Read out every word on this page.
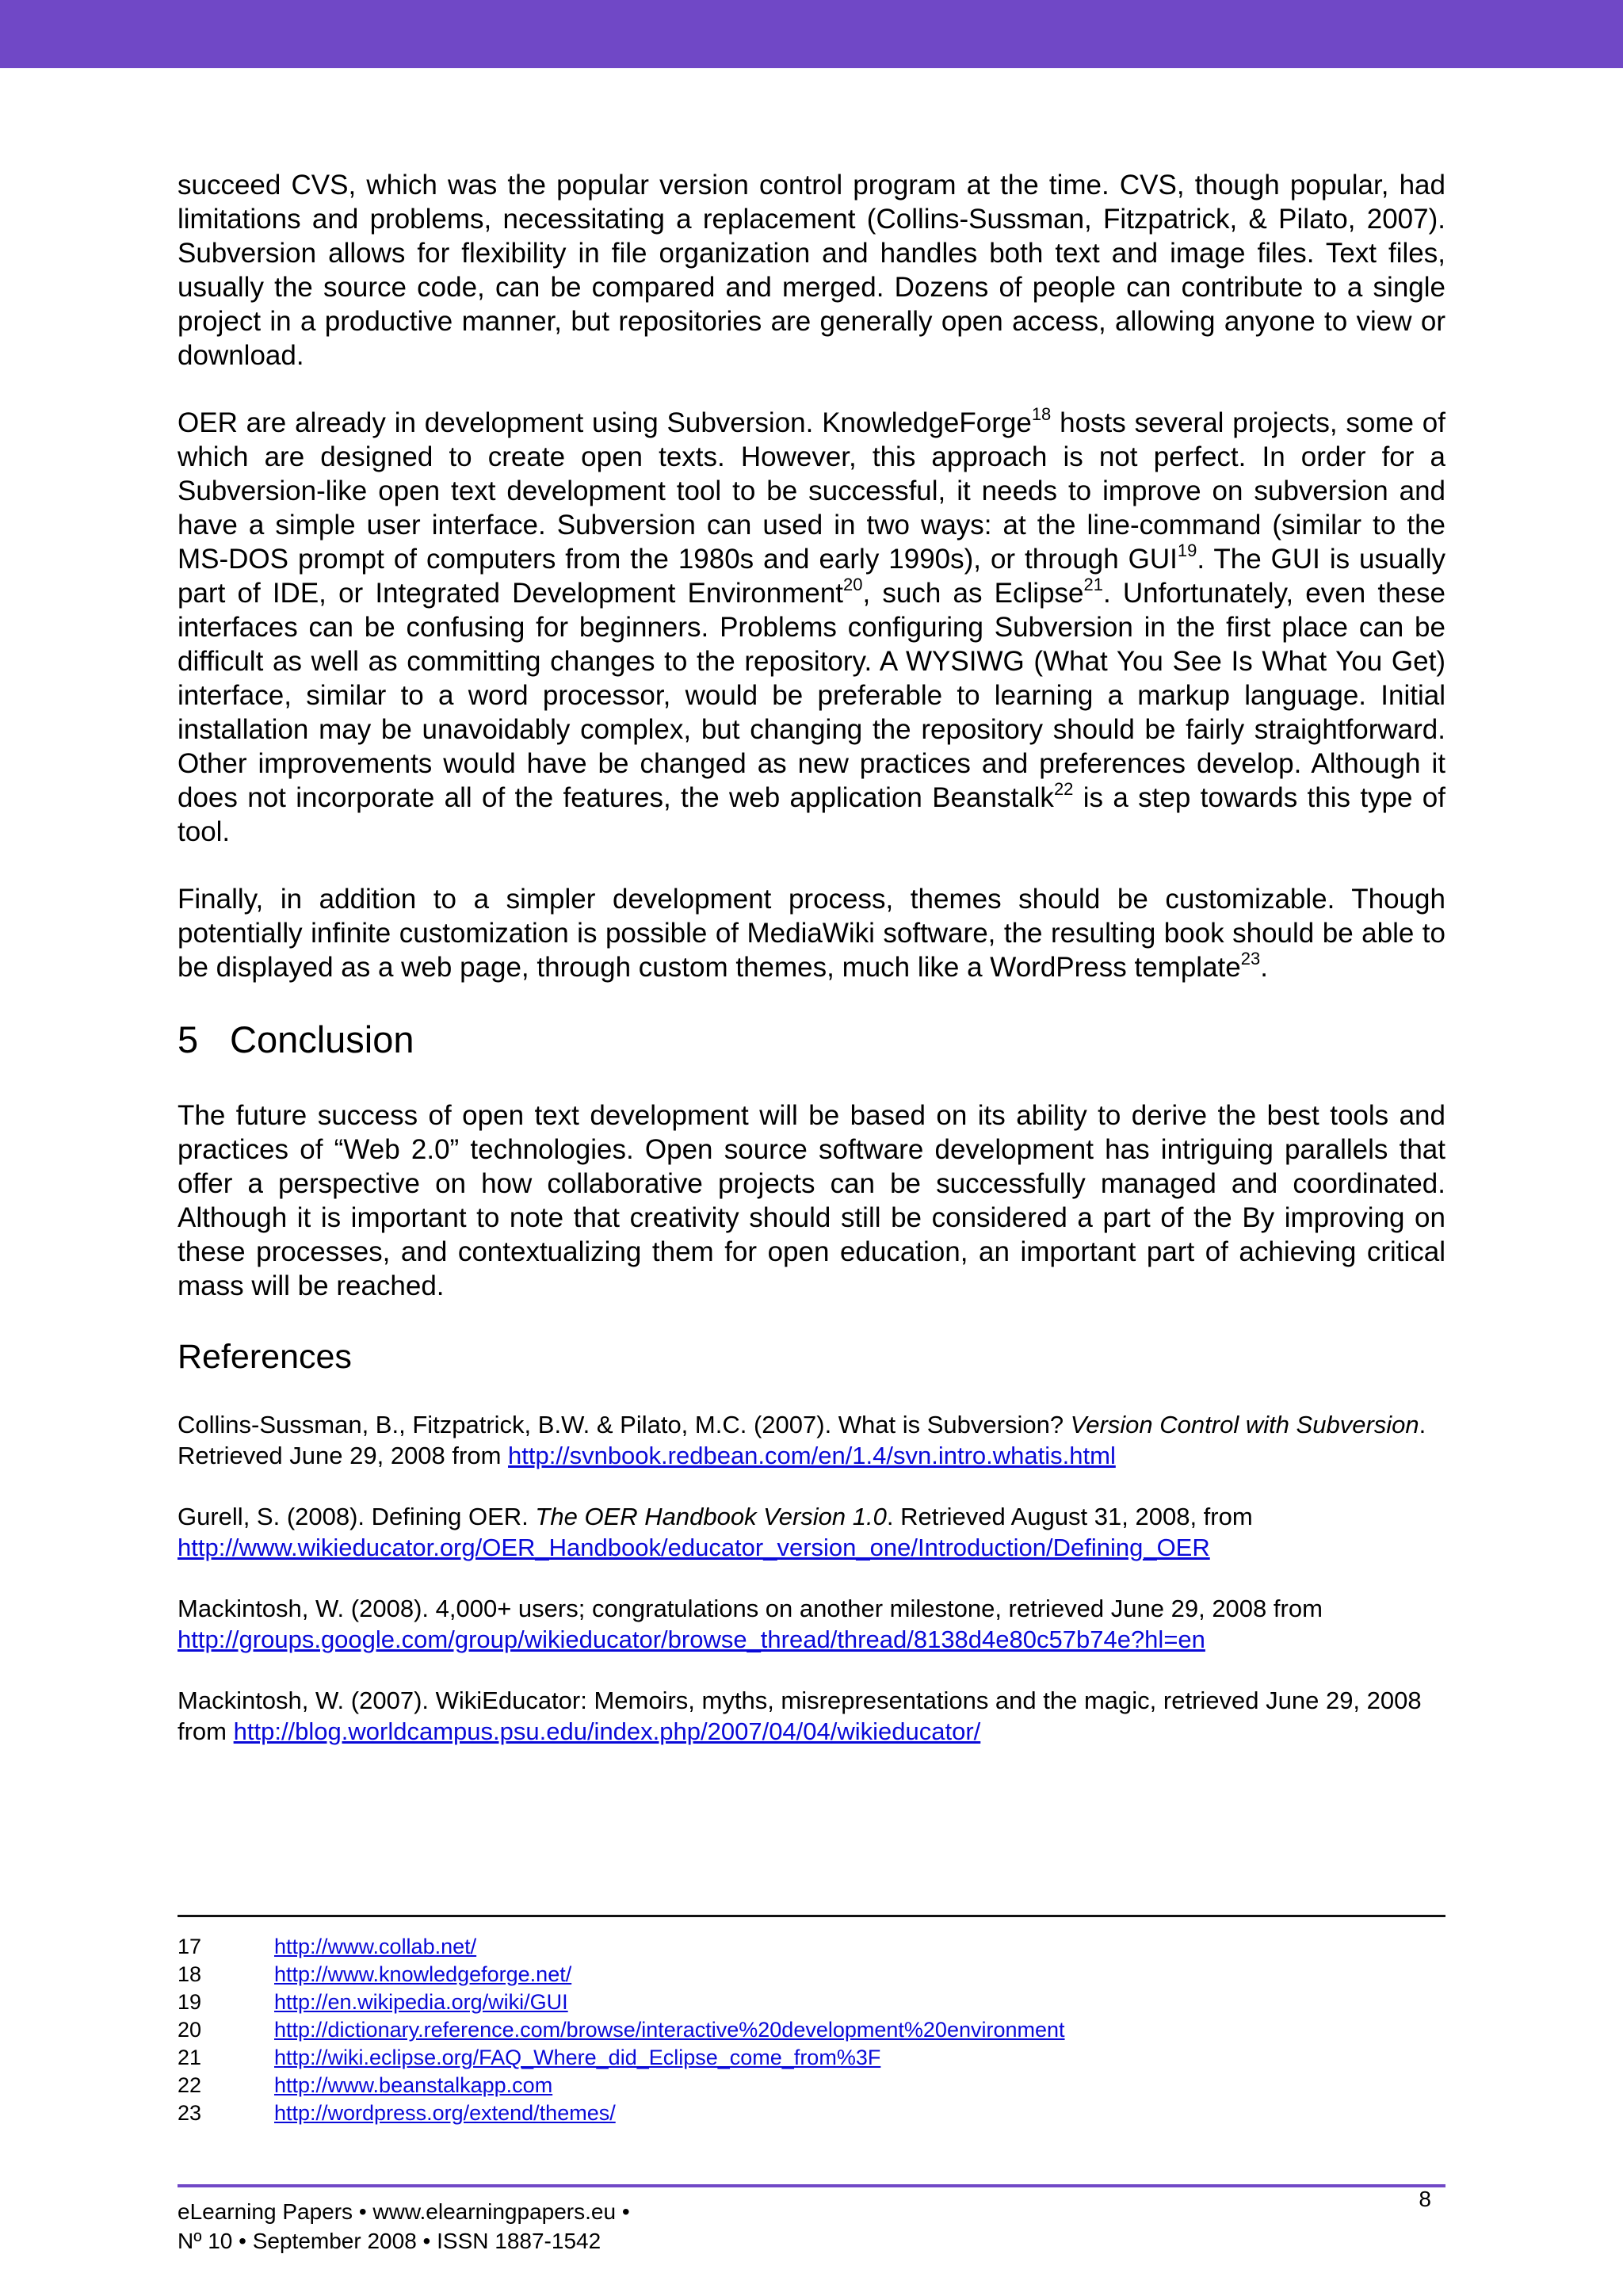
succeed CVS, which was the popular version control program at the time. CVS, though popular, had limitations and problems, necessitating a replacement (Collins-Sussman, Fitzpatrick, & Pilato, 2007). Subversion allows for flexibility in file organization and handles both text and image files. Text files, usually the source code, can be compared and merged. Dozens of people can contribute to a single project in a productive manner, but repositories are generally open access, allowing anyone to view or download.

OER are already in development using Subversion. KnowledgeForge$^{18}$ hosts several projects, some of which are designed to create open texts. However, this approach is not perfect. In order for a Subversion-like open text development tool to be successful, it needs to improve on subversion and have a simple user interface. Subversion can used in two ways: at the line-command (similar to the MS-DOS prompt of computers from the 1980s and early 1990s), or through GUI$^{19}$. The GUI is usually part of IDE, or Integrated Development Environment$^{20}$, such as Eclipse$^{21}$. Unfortunately, even these interfaces can be confusing for beginners. Problems configuring Subversion in the first place can be difficult as well as committing changes to the repository. A WYSIWG (What You See Is What You Get) interface, similar to a word processor, would be preferable to learning a markup language. Initial installation may be unavoidably complex, but changing the repository should be fairly straightforward. Other improvements would have be changed as new practices and preferences develop. Although it does not incorporate all of the features, the web application Beanstalk$^{22}$ is a step towards this type of tool.

Finally, in addition to a simpler development process, themes should be customizable. Though potentially infinite customization is possible of MediaWiki software, the resulting book should be able to be displayed as a web page, through custom themes, much like a WordPress template$^{23}$.

5 Conclusion

The future success of open text development will be based on its ability to derive the best tools and practices of “Web 2.0” technologies. Open source software development has intriguing parallels that offer a perspective on how collaborative projects can be successfully managed and coordinated. Although it is important to note that creativity should still be considered a part of the By improving on these processes, and contextualizing them for open education, an important part of achieving critical mass will be reached.

References
Collins-Sussman, B., Fitzpatrick, B.W. & Pilato, M.C. (2007). What is Subversion? Version Control with Subversion. Retrieved June 29, 2008 from http://svnbook.redbean.com/en/1.4/svn.intro.whatis.html
Gurell, S. (2008). Defining OER. The OER Handbook Version 1.0. Retrieved August 31, 2008, from
http://www.wikieducator.org/OER_Handbook/educator_version_one/Introduction/Defining_OER
Mackintosh, W. (2008). 4,000+ users; congratulations on another milestone, retrieved June 29, 2008 from http://groups.google.com/group/wikieducator/browse_thread/thread/8138d4e80c57b74e?hl=en
Mackintosh, W. (2007). WikiEducator: Memoirs, myths, misrepresentations and the magic, retrieved June 29, 2008 from http://blog.worldcampus.psu.edu/index.php/2007/04/04/wikieducator/
17	http://www.collab.net/
18	http://www.knowledgeforge.net/
19	http://en.wikipedia.org/wiki/GUI
20	http://dictionary.reference.com/browse/interactive%20development%20environment
21	http://wiki.eclipse.org/FAQ_Where_did_Eclipse_come_from%3F
22	http://www.beanstalkapp.com
23	http://wordpress.org/extend/themes/
eLearning Papers • www.elearningpapers.eu •
Nº 10 • September 2008 • ISSN 1887-1542
8
